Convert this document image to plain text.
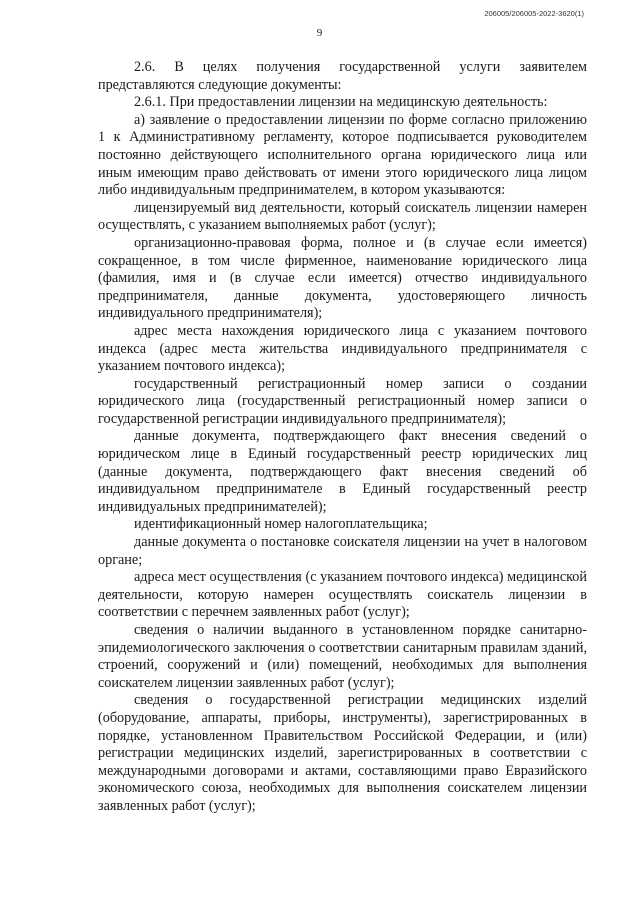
206005/206005-2022-3620(1)
9

2.6. В целях получения государственной услуги заявителем представляются следующие документы:

2.6.1. При предоставлении лицензии на медицинскую деятельность:

а) заявление о предоставлении лицензии по форме согласно приложению 1 к Административному регламенту, которое подписывается руководителем постоянно действующего исполнительного органа юридического лица или иным имеющим право действовать от имени этого юридического лица лицом либо индивидуальным предпринимателем, в котором указываются:

лицензируемый вид деятельности, который соискатель лицензии намерен осуществлять, с указанием выполняемых работ (услуг);

организационно-правовая форма, полное и (в случае если имеется) сокращенное, в том числе фирменное, наименование юридического лица (фамилия, имя и (в случае если имеется) отчество индивидуального предпринимателя, данные документа, удостоверяющего личность индивидуального предпринимателя);

адрес места нахождения юридического лица с указанием почтового индекса (адрес места жительства индивидуального предпринимателя с указанием почтового индекса);

государственный регистрационный номер записи о создании юридического лица (государственный регистрационный номер записи о государственной регистрации индивидуального предпринимателя);

данные документа, подтверждающего факт внесения сведений о юридическом лице в Единый государственный реестр юридических лиц (данные документа, подтверждающего факт внесения сведений об индивидуальном предпринимателе в Единый государственный реестр индивидуальных предпринимателей);

идентификационный номер налогоплательщика;

данные документа о постановке соискателя лицензии на учет в налоговом органе;

адреса мест осуществления (с указанием почтового индекса) медицинской деятельности, которую намерен осуществлять соискатель лицензии в соответствии с перечнем заявленных работ (услуг);

сведения о наличии выданного в установленном порядке санитарно-эпидемиологического заключения о соответствии санитарным правилам зданий, строений, сооружений и (или) помещений, необходимых для выполнения соискателем лицензии заявленных работ (услуг);

сведения о государственной регистрации медицинских изделий (оборудование, аппараты, приборы, инструменты), зарегистрированных в порядке, установленном Правительством Российской Федерации, и (или) регистрации медицинских изделий, зарегистрированных в соответствии с международными договорами и актами, составляющими право Евразийского экономического союза, необходимых для выполнения соискателем лицензии заявленных работ (услуг);
